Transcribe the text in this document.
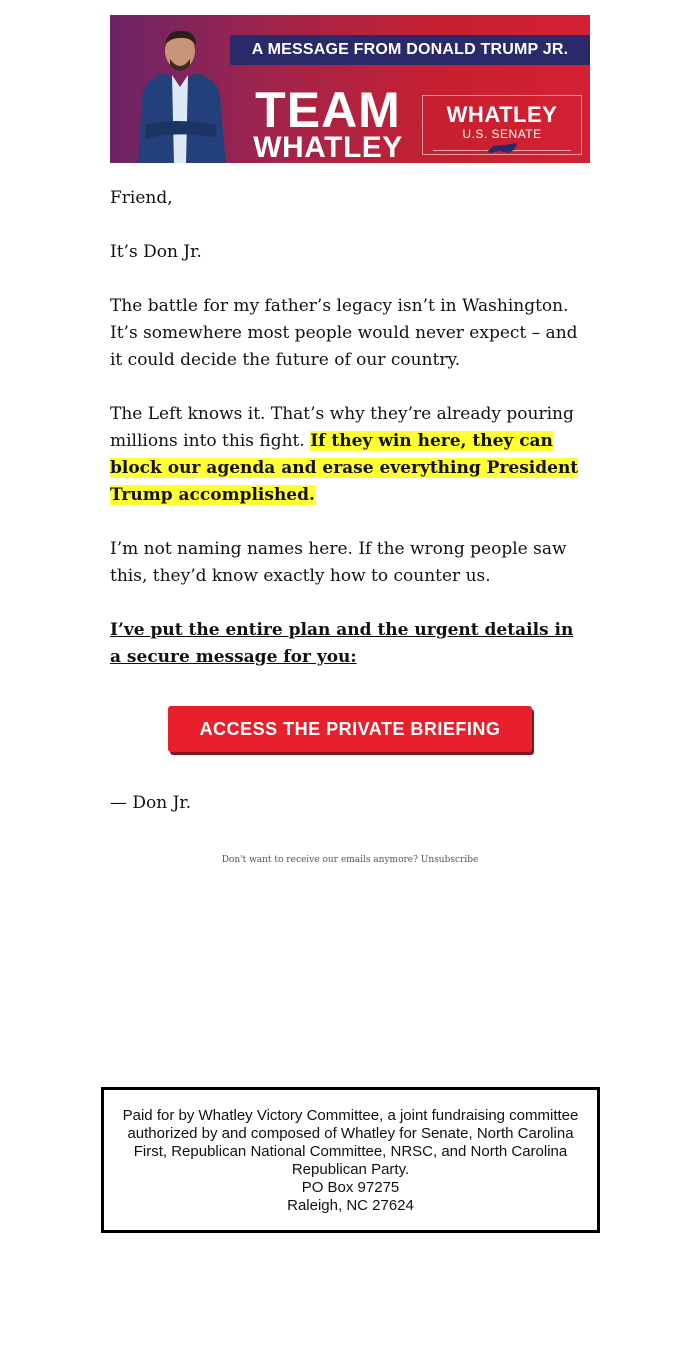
A MESSAGE FROM DONALD TRUMP JR.
TEAM
WHATLEY
WHATLEY
U.S. SENATE

Friend,

It’s Don Jr.

The battle for my father’s legacy isn’t in Washington. It’s somewhere most people would never expect – and it could decide the future of our country.

The Left knows it. That’s why they’re already pouring millions into this fight. If they win here, they can block our agenda and erase everything President Trump accomplished.

I’m not naming names here. If the wrong people saw this, they’d know exactly how to counter us.

I’ve put the entire plan and the urgent details in a secure message for you:

ACCESS THE PRIVATE BRIEFING

— Don Jr.

Don't want to receive our emails anymore? Unsubscribe
Paid for by Whatley Victory Committee, a joint fundraising committee authorized by and composed of Whatley for Senate, North Carolina First, Republican National Committee, NRSC, and North Carolina Republican Party.
PO Box 97275
Raleigh, NC 27624
